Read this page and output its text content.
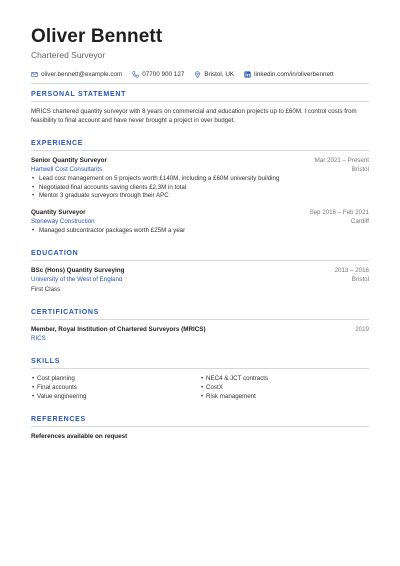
Oliver Bennett
Chartered Surveyor
oliver.bennett@example.com	07700 900 127	Bristol, UK	linkedin.com/in/oliverbennett
PERSONAL STATEMENT
MRICS chartered quantity surveyor with 8 years on commercial and education projects up to £60M. I control costs from feasibility to final account and have never brought a project in over budget.
EXPERIENCE
Senior Quantity Surveyor	Mar 2021 – Present
Hartwell Cost Consultants	Bristol
• Lead cost management on 5 projects worth £140M, including a £60M university building
• Negotiated final accounts saving clients £2.3M in total
• Mentor 3 graduate surveyors through their APC
Quantity Surveyor	Sep 2016 – Feb 2021
Stoneway Construction	Cardiff
• Managed subcontractor packages worth £25M a year
EDUCATION
BSc (Hons) Quantity Surveying	2013 – 2016
University of the West of England	Bristol
First Class
CERTIFICATIONS
Member, Royal Institution of Chartered Surveyors (MRICS)	2019
RICS
SKILLS
• Cost planning
• Final accounts
• Value engineering
• NEC4 & JCT contracts
• CostX
• Risk management
REFERENCES
References available on request
